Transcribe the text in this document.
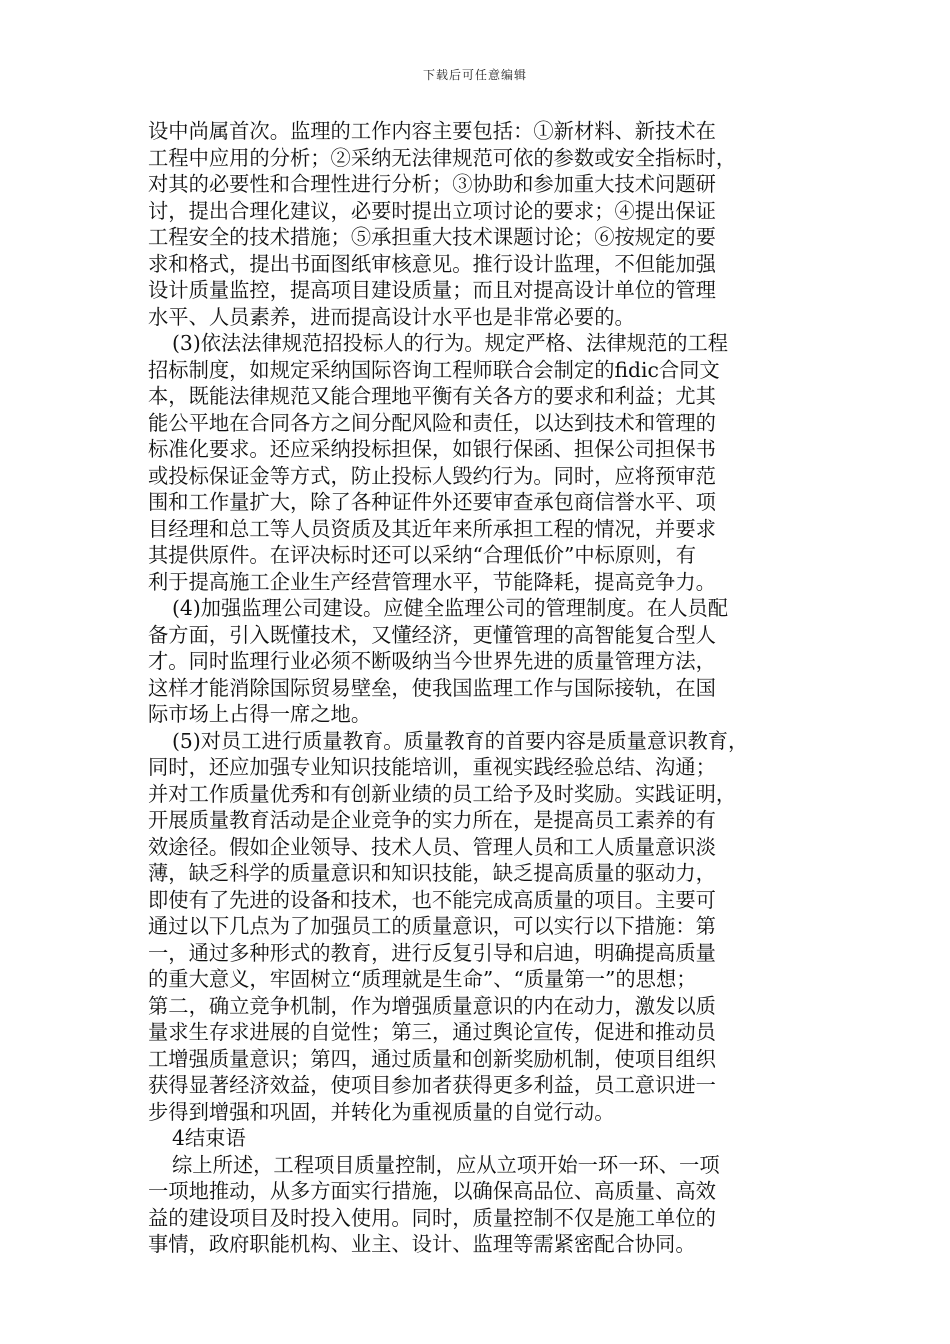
下载后可任意编辑
设中尚属首次。监理的工作内容主要包括：①新材料、新技术在
工程中应用的分析；②采纳无法律规范可依的参数或安全指标时，
对其的必要性和合理性进行分析；③协助和参加重大技术问题研
讨，提出合理化建议，必要时提出立项讨论的要求；④提出保证
工程安全的技术措施；⑤承担重大技术课题讨论；⑥按规定的要
求和格式，提出书面图纸审核意见。推行设计监理，不但能加强
设计质量监控，提高项目建设质量；而且对提高设计单位的管理
水平、人员素养，进而提高设计水平也是非常必要的。
(3)依法法律规范招投标人的行为。规定严格、法律规范的工程
招标制度，如规定采纳国际咨询工程师联合会制定的fidic合同文
本，既能法律规范又能合理地平衡有关各方的要求和利益；尤其
能公平地在合同各方之间分配风险和责任，以达到技术和管理的
标准化要求。还应采纳投标担保，如银行保函、担保公司担保书
或投标保证金等方式，防止投标人毁约行为。同时，应将预审范
围和工作量扩大，除了各种证件外还要审查承包商信誉水平、项
目经理和总工等人员资质及其近年来所承担工程的情况，并要求
其提供原件。在评决标时还可以采纳“合理低价”中标原则，有
利于提高施工企业生产经营管理水平，节能降耗，提高竞争力。
(4)加强监理公司建设。应健全监理公司的管理制度。在人员配
备方面，引入既懂技术，又懂经济，更懂管理的高智能复合型人
才。同时监理行业必须不断吸纳当今世界先进的质量管理方法，
这样才能消除国际贸易壁垒，使我国监理工作与国际接轨，在国
际市场上占得一席之地。
(5)对员工进行质量教育。质量教育的首要内容是质量意识教育，
同时，还应加强专业知识技能培训，重视实践经验总结、沟通；
并对工作质量优秀和有创新业绩的员工给予及时奖励。实践证明，
开展质量教育活动是企业竞争的实力所在，是提高员工素养的有
效途径。假如企业领导、技术人员、管理人员和工人质量意识淡
薄，缺乏科学的质量意识和知识技能，缺乏提高质量的驱动力，
即使有了先进的设备和技术，也不能完成高质量的项目。主要可
通过以下几点为了加强员工的质量意识，可以实行以下措施：第
一，通过多种形式的教育，进行反复引导和启迪，明确提高质量
的重大意义，牢固树立“质理就是生命”、“质量第一”的思想；
第二，确立竞争机制，作为增强质量意识的内在动力，激发以质
量求生存求进展的自觉性；第三，通过舆论宣传，促进和推动员
工增强质量意识；第四，通过质量和创新奖励机制，使项目组织
获得显著经济效益，使项目参加者获得更多利益，员工意识进一
步得到增强和巩固，并转化为重视质量的自觉行动。
4结束语
综上所述，工程项目质量控制，应从立项开始一环一环、一项
一项地推动，从多方面实行措施，以确保高品位、高质量、高效
益的建设项目及时投入使用。同时，质量控制不仅是施工单位的
事情，政府职能机构、业主、设计、监理等需紧密配合协同。
